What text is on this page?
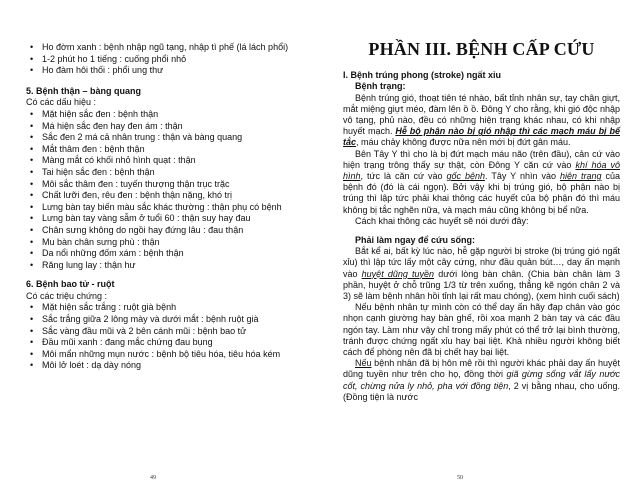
• Ho đờm xanh : bệnh nhập ngũ tạng, nhập tì phế (lá lách phổi)
• 1-2 phút ho 1 tiếng : cuống phổi nhỏ
• Ho đàm hôi thối : phổi ung thư
5. Bệnh thận – bàng quang
Có các dấu hiệu :
• Mặt hiện sắc đen : bệnh thận
• Má hiện sắc đen hay đen ám : thận
• Sắc đen 2 má cả nhân trung : thận và bàng quang
• Mắt thâm đen : bệnh thận
• Màng mắt có khối nhỏ hình quạt : thận
• Tai hiện sắc đen : bệnh thận
• Môi sắc thâm đen : tuyến thượng thận trục trặc
• Chất lưỡi đen, rêu đen : bệnh thận nặng, khó trị
• Lưng bàn tay biến màu sắc khác thường : thận phụ có bệnh
• Lưng bàn tay vàng sẫm ở tuổi 60 : thận suy hay đau
• Chân sưng không do ngồi hay đứng lâu : đau thận
• Mu bàn chân sưng phù : thận
• Da nổi những đốm xám : bệnh thận
• Răng lung lay : thận hư
6. Bệnh bao tử - ruột
Có các triệu chứng :
• Mặt hiện sắc trắng : ruột già bệnh
• Sắc trắng giữa 2 lông mày và dưới mắt : bệnh ruột già
• Sắc vàng đầu mũi và 2 bên cánh mũi : bệnh bao tử
• Đầu mũi xanh : đang mắc chứng đau bụng
• Môi mẩn những mụn nước : bệnh bộ tiêu hóa, tiêu hóa kém
• Môi lở loét : dạ dày nóng
49
PHẦN III. BỆNH CẤP CỨU
I. Bệnh trúng phong (stroke) ngất xỉu
Bệnh trạng:

Bệnh trúng gió, thoạt tiên té nhào, bất tỉnh nhân sự, tay chân giựt, mắt miệng giựt méo, đàm lên ồ ồ. Đông Y cho rằng, khi gió độc nhập vô tạng, phủ nào, đều có những hiện trạng khác nhau, có khi nhập huyết mạch. Hễ bộ phận nào bị gió nhập thì các mạch máu bị bế tắc, máu chảy không được nữa nên mới bị đứt gân máu.

Bên Tây Y thì cho là bị đứt mạch máu não (trên đầu), cản cứ vào hiện trạng trông thấy sự thật, còn Đông Y căn cứ vào khí hóa vô hình, tức là căn cứ vào gốc bệnh. Tây Y nhìn vào hiện trạng của bệnh đó (đó là cái ngọn). Bởi vậy khi bị trúng gió, bộ phận nào bị trúng thì lập tức phải khai thông các huyết của bộ phận đó thì máu không bị tắc nghẽn nữa, và mạch máu cũng không bị bể nữa.

Cách khai thông các huyết sẽ nói dưới đây:

Phải làm ngay để cứu sống:

Bắt kể ai, bất kỳ lúc nào, hễ gặp người bị stroke (bị trúng gió ngất xỉu) thì lập tức lấy một cây cứng, như đầu quản bút…, day ấn mạnh vào huyệt dũng tuyền dưới lòng bàn chân. (Chia bàn chân làm 3 phần, huyệt ở chỗ trũng 1/3 từ trên xuống, thẳng kẽ ngón chân 2 và 3) sẽ làm bệnh nhân hồi tỉnh lại rất mau chóng), (xem hình cuối sách)

Nếu bệnh nhân tự mình còn có thể day ấn hãy đạp chân vào góc nhọn cạnh giường hay bàn ghế, rồi xoa mạnh 2 bàn tay và các đầu ngón tay. Làm như vậy chỉ trong mấy phút có thể trở lại bình thường, tránh được chứng ngất xỉu hay bại liệt. Khả nhiều người không biết cách để phòng nên đã bị chết hay bại liệt.

Nếu bệnh nhân đã bị hôn mê rồi thì người khác phải day ấn huyệt dũng tuyền như trên cho họ, đồng thời giã gừng sống vắt lấy nước cốt, chừng nửa ly nhỏ, pha với đồng tiện, 2 vị bằng nhau, cho uống. (Đồng tiện là nước

50
